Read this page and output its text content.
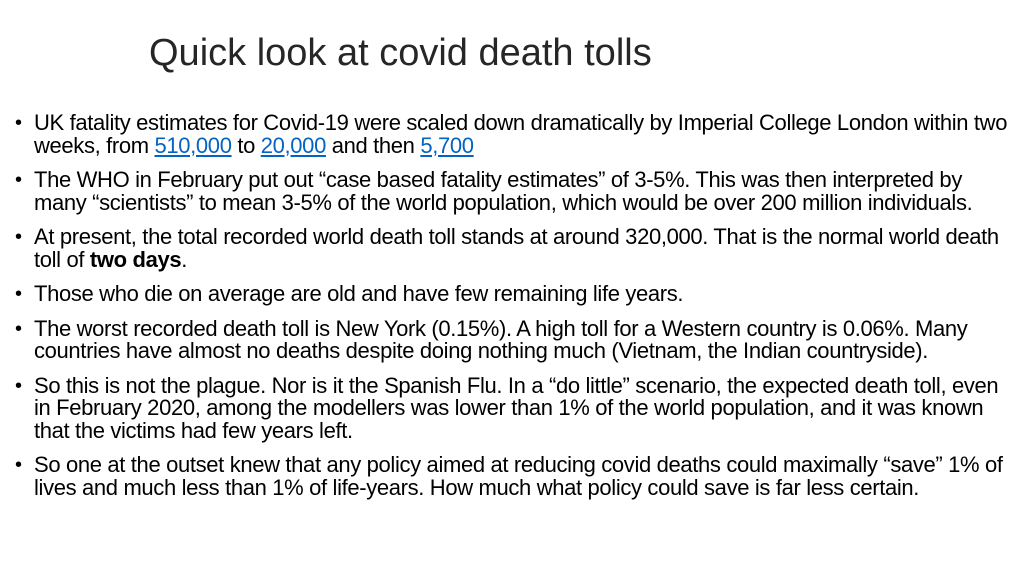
Quick look at covid death tolls
• UK fatality estimates for Covid-19 were scaled down dramatically by Imperial College London within two weeks, from 510,000 to 20,000 and then 5,700
• The WHO in February put out “case based fatality estimates” of 3-5%. This was then interpreted by many “scientists” to mean 3-5% of the world population, which would be over 200 million individuals.
• At present, the total recorded world death toll stands at around 320,000. That is the normal world death toll of two days.
• Those who die on average are old and have few remaining life years.
• The worst recorded death toll is New York (0.15%). A high toll for a Western country is 0.06%. Many countries have almost no deaths despite doing nothing much (Vietnam, the Indian countryside).
• So this is not the plague. Nor is it the Spanish Flu. In a “do little” scenario, the expected death toll, even in February 2020, among the modellers was lower than 1% of the world population, and it was known that the victims had few years left.
• So one at the outset knew that any policy aimed at reducing covid deaths could maximally “save” 1% of lives and much less than 1% of life-years. How much what policy could save is far less certain.
